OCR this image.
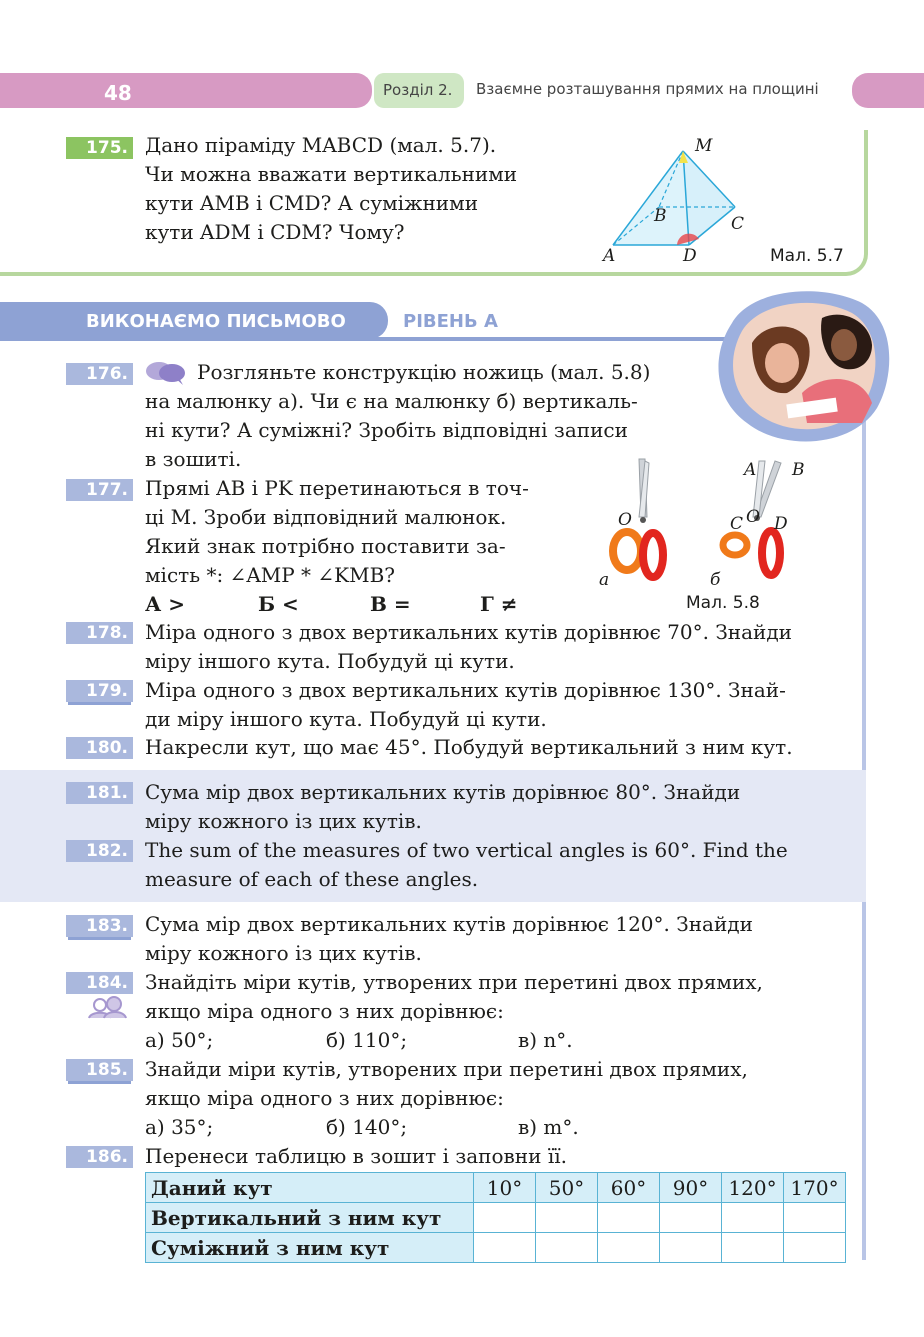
48	Розділ 2. Взаємне розташування прямих на площині
175. Дано піраміду MABCD (мал. 5.7).
Чи можна вважати вертикальними
кути AMB і CMD? А суміжними
кути ADM і CDM? Чому?
M
B	C
A	D	Мал. 5.7
ВИКОНАЄМО ПИСЬМОВО	РІВЕНЬ А
176.	Розгляньте конструкцію ножиць (мал. 5.8)
на малюнку а). Чи є на малюнку б) вертикаль-
ні кути? А суміжні? Зробіть відповідні записи
в зошиті.
177. Прямі AB і PK перетинаються в точ-
ці M. Зроби відповідний малюнок.
Який знак потрібно поставити за-
мість *: ∠AMP * ∠KMB?
А >	Б <	В =	Г ≠
O
A B
O
C D
а	б
Мал. 5.8
178. Міра одного з двох вертикальних кутів дорівнює 70°. Знайди
міру іншого кута. Побудуй ці кути.
179. Міра одного з двох вертикальних кутів дорівнює 130°. Знай-
ди міру іншого кута. Побудуй ці кути.
180. Накресли кут, що має 45°. Побудуй вертикальний з ним кут.
181. Сума мір двох вертикальних кутів дорівнює 80°. Знайди
міру кожного із цих кутів.
182. The sum of the measures of two vertical angles is 60°. Find the
measure of each of these angles.
183. Сума мір двох вертикальних кутів дорівнює 120°. Знайди
міру кожного із цих кутів.
184. Знайдіть міри кутів, утворених при перетині двох прямих,
якщо міра одного з них дорівнює:
а) 50°;	б) 110°;	в) n°.
185. Знайди міри кутів, утворених при перетині двох прямих,
якщо міра одного з них дорівнює:
а) 35°;	б) 140°;	в) m°.
186. Перенеси таблицю в зошит і заповни її.
Даний кут	10°	50°	60°	90°	120°	170°
Вертикальний з ним кут						
Суміжний з ним кут						
